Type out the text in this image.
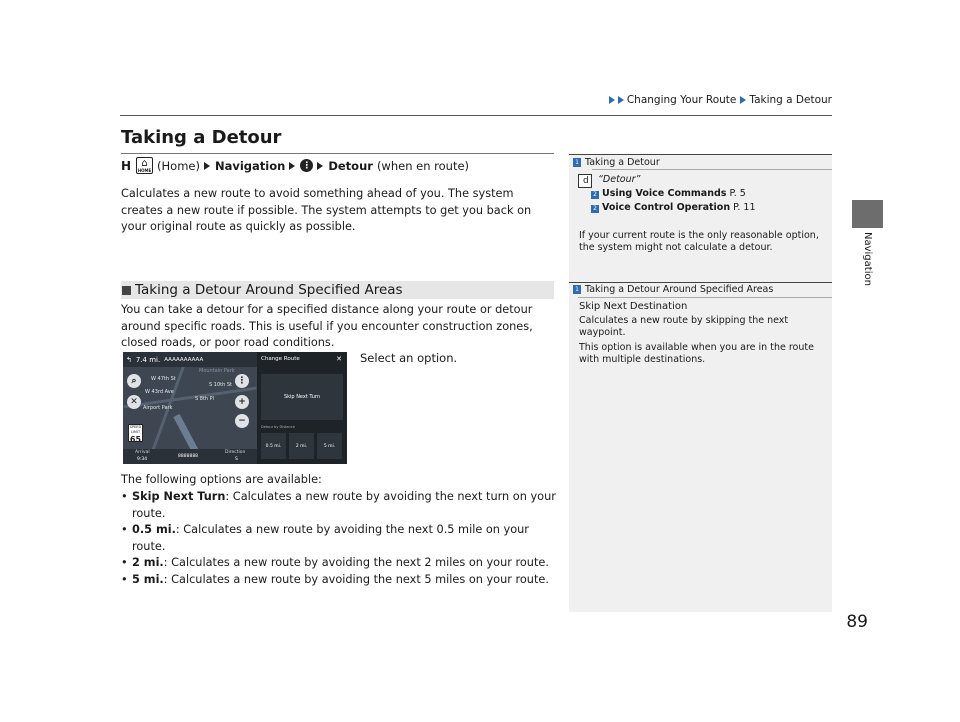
Changing Your Route Taking a Detour
Navigation
89
Taking a Detour
H ⌂
HOME (Home) Navigation ⋮ Detour (when en route)
Calculates a new route to avoid something ahead of you. The system creates a new route if possible. The system attempts to get you back on your original route as quickly as possible.
Taking a Detour Around Specified Areas
You can take a detour for a specified distance along your route or detour around specific roads. This is useful if you encounter construction zones, closed roads, or poor road conditions.
Select an option.
↰ 7.4 mi. AAAAAAAAAA
W 47th St
S 10th St
W 43rd Ave
S 8th Pl
Airport Park
Mountain Park
⌕
✕
⋮
+
−
SPEED LIMIT
65
Arrival
9:34
8888888
Direction
S
Change Route	✕
Skip Next Turn
Detour by Distance
0.5 mi.	2 mi.	5 mi.
The following options are available:
• Skip Next Turn: Calculates a new route by avoiding the next turn on your route.
• 0.5 mi.: Calculates a new route by avoiding the next 0.5 mile on your route.
• 2 mi.: Calculates a new route by avoiding the next 2 miles on your route.
• 5 mi.: Calculates a new route by avoiding the next 5 miles on your route.
1 Taking a Detour
d “Detour”
2 Using Voice Commands P. 5
2 Voice Control Operation P. 11
If your current route is the only reasonable option, the system might not calculate a detour.
1 Taking a Detour Around Specified Areas
Skip Next Destination
Calculates a new route by skipping the next waypoint.
This option is available when you are in the route with multiple destinations.
